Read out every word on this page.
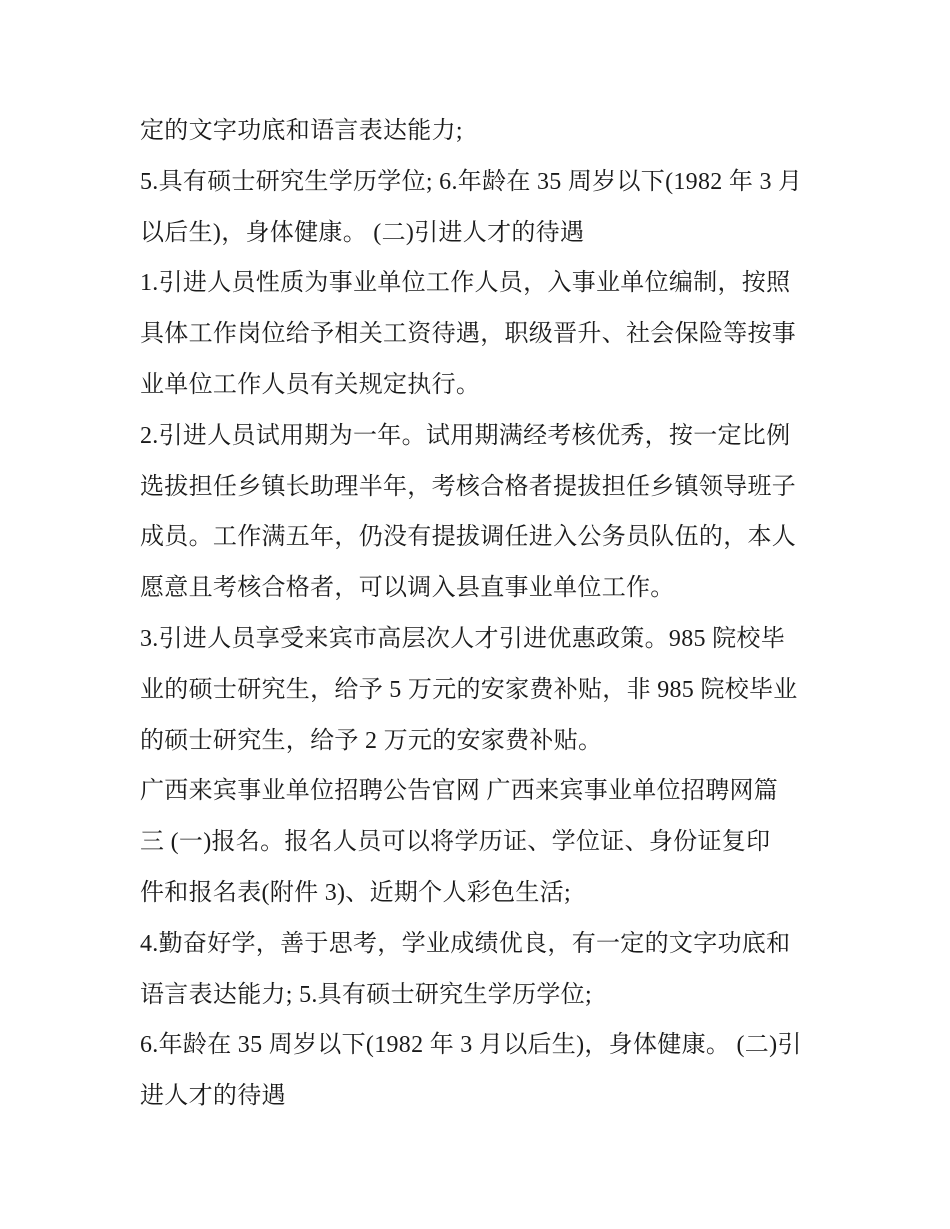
定的文字功底和语言表达能力;
5.具有硕士研究生学历学位; 6.年龄在 35 周岁以下(1982 年 3 月
以后生)，身体健康。 (二)引进人才的待遇
1.引进人员性质为事业单位工作人员，入事业单位编制，按照
具体工作岗位给予相关工资待遇，职级晋升、社会保险等按事
业单位工作人员有关规定执行。
2.引进人员试用期为一年。试用期满经考核优秀，按一定比例
选拔担任乡镇长助理半年，考核合格者提拔担任乡镇领导班子
成员。工作满五年，仍没有提拔调任进入公务员队伍的，本人
愿意且考核合格者，可以调入县直事业单位工作。
3.引进人员享受来宾市高层次人才引进优惠政策。985 院校毕
业的硕士研究生，给予 5 万元的安家费补贴，非 985 院校毕业
的硕士研究生，给予 2 万元的安家费补贴。
广西来宾事业单位招聘公告官网 广西来宾事业单位招聘网篇
三 (一)报名。报名人员可以将学历证、学位证、身份证复印
件和报名表(附件 3)、近期个人彩色生活;
4.勤奋好学，善于思考，学业成绩优良，有一定的文字功底和
语言表达能力; 5.具有硕士研究生学历学位;
6.年龄在 35 周岁以下(1982 年 3 月以后生)，身体健康。 (二)引
进人才的待遇
